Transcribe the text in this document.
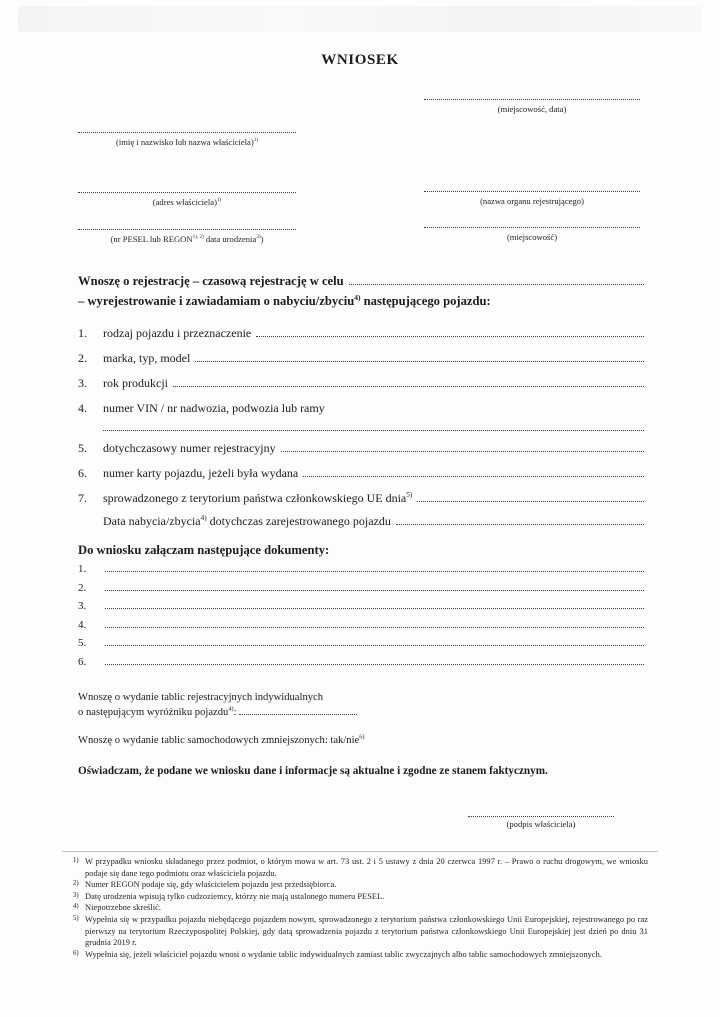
WNIOSEK
(miejscowość, data)
(imię i nazwisko lub nazwa właściciela)$^{1)}$
(adres właściciela)$^{1)}$	(nazwa organu rejestrującego)
(nr PESEL lub $REGON^{1), 2)}$ data urodzenia$^{3)}$)	(miejscowość)
Wnoszę o rejestrację – czasową rejestrację w celu
– wyrejestrowanie i zawiadamiam o nabyciu/zbyciu$^{4)}$ następującego pojazdu:
1.	rodzaj pojazdu i przeznaczenie
2.	marka, typ, model
3.	rok produkcji
4.	numer VIN / nr nadwozia, podwozia lub ramy
5.	dotychczasowy numer rejestracyjny
6.	numer karty pojazdu, jeżeli była wydana
7.	sprowadzonego z terytorium państwa członkowskiego UE dnia$^{5)}$
Data nabycia/zbycia$^{4)}$ dotychczas zarejestrowanego pojazdu
Do wniosku załączam następujące dokumenty:
1.
2.
3.
4.
5.
6.
Wnoszę o wydanie tablic rejestracyjnych indywidualnych
o następującym wyróżniku pojazdu$^{4)}$:
Wnoszę o wydanie tablic samochodowych zmniejszonych: tak/nie$^{6)}$
Oświadczam, że podane we wniosku dane i informacje są aktualne i zgodne ze stanem faktycznym.
(podpis właściciela)
1) W przypadku wniosku składanego przez podmiot, o którym mowa w art. 73 ust. 2 i 5 ustawy z dnia 20 czerwca 1997 r. – Prawo o ruchu drogowym, we wniosku podaje się dane tego podmiotu oraz właściciela pojazdu.
2) Numer REGON podaje się, gdy właścicielem pojazdu jest przedsiębiorca.
3) Datę urodzenia wpisują tylko cudzoziemcy, którzy nie mają ustalonego numeru PESEL.
4) Niepotrzebne skreślić.
5) Wypełnia się w przypadku pojazdu niebędącego pojazdem nowym, sprowadzonego z terytorium państwa członkowskiego Unii Europejskiej, rejestrowanego po raz pierwszy na terytorium Rzeczypospolitej Polskiej, gdy datą sprowadzenia pojazdu z terytorium państwa członkowskiego Unii Europejskiej jest dzień po dniu 31 grudnia 2019 r.
6) Wypełnia się, jeżeli właściciel pojazdu wnosi o wydanie tablic indywidualnych zamiast tablic zwyczajnych albo tablic samochodowych zmniejszonych.
